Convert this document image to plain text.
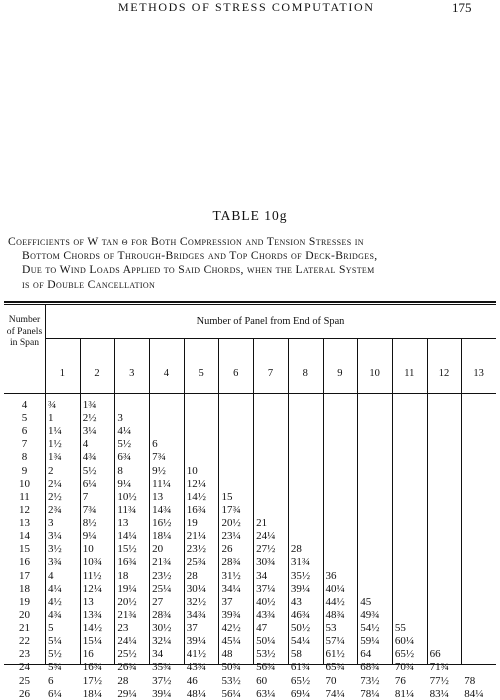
METHODS OF STRESS COMPUTATION	175
TABLE 10g
Coefficients of W tan θ for Both Compression and Tension Stresses in
Bottom Chords of Through-Bridges and Top Chords of Deck-Bridges,
Due to Wind Loads Applied to Said Chords, when the Lateral System
is of Double Cancellation
Number of Panels in Span
Number of Panel from End of Span
1	2	3	4	5	6	7	8	9	10	11	12	13
4	¾ 1¾
5	1	2½ 3
6	1¼ 3¼ 4¼
7	1½ 4	5½ 6
8	1¾ 4¾ 6¾ 7¾
9	2	5½ 8	9½ 10
10	2¼ 6¼ 9¼ 11¼ 12¼
11	2½ 7	10½ 13 14½ 15
12	2¾ 7¾ 11¾ 14¾ 16¾ 17¾
13	3	8½ 13 16½ 19 20½ 21
14	3¼ 9¼ 14¼ 18¼ 21¼ 23¼ 24¼
15	3½ 10 15½ 20 23½ 26 27½ 28
16	3¾ 10¾ 16¾ 21¾ 25¾ 28¾ 30¾ 31¾
17	4	11½ 18 23½ 28 31½ 34 35½ 36
18	4¼ 12¼ 19¼ 25¼ 30¼ 34¼ 37¼ 39¼ 40¼
19	4½ 13 20½ 27 32½ 37 40½ 43 44½ 45
20	4¾ 13¾ 21¾ 28¾ 34¾ 39¾ 43¾ 46¾ 48¾ 49¾
21	5	14½ 23 30½ 37 42½ 47 50½ 53 54½ 55
22	5¼ 15¼ 24¼ 32¼ 39¼ 45¼ 50¼ 54¼ 57¼ 59¼ 60¼
23	5½ 16 25½ 34 41½ 48 53½ 58 61½ 64 65½ 66
24	5¾ 16¾ 26¾ 35¾ 43¾ 50¾ 56¾ 61¾ 65¾ 68¾ 70¾ 71¾
25	6	17½ 28 37½ 46 53½ 60 65½ 70 73½ 76 77½ 78
26	6¼ 18¼ 29¼ 39¼ 48¼ 56¼ 63¼ 69¼ 74¼ 78¼ 81¼ 83¼ 84¼
